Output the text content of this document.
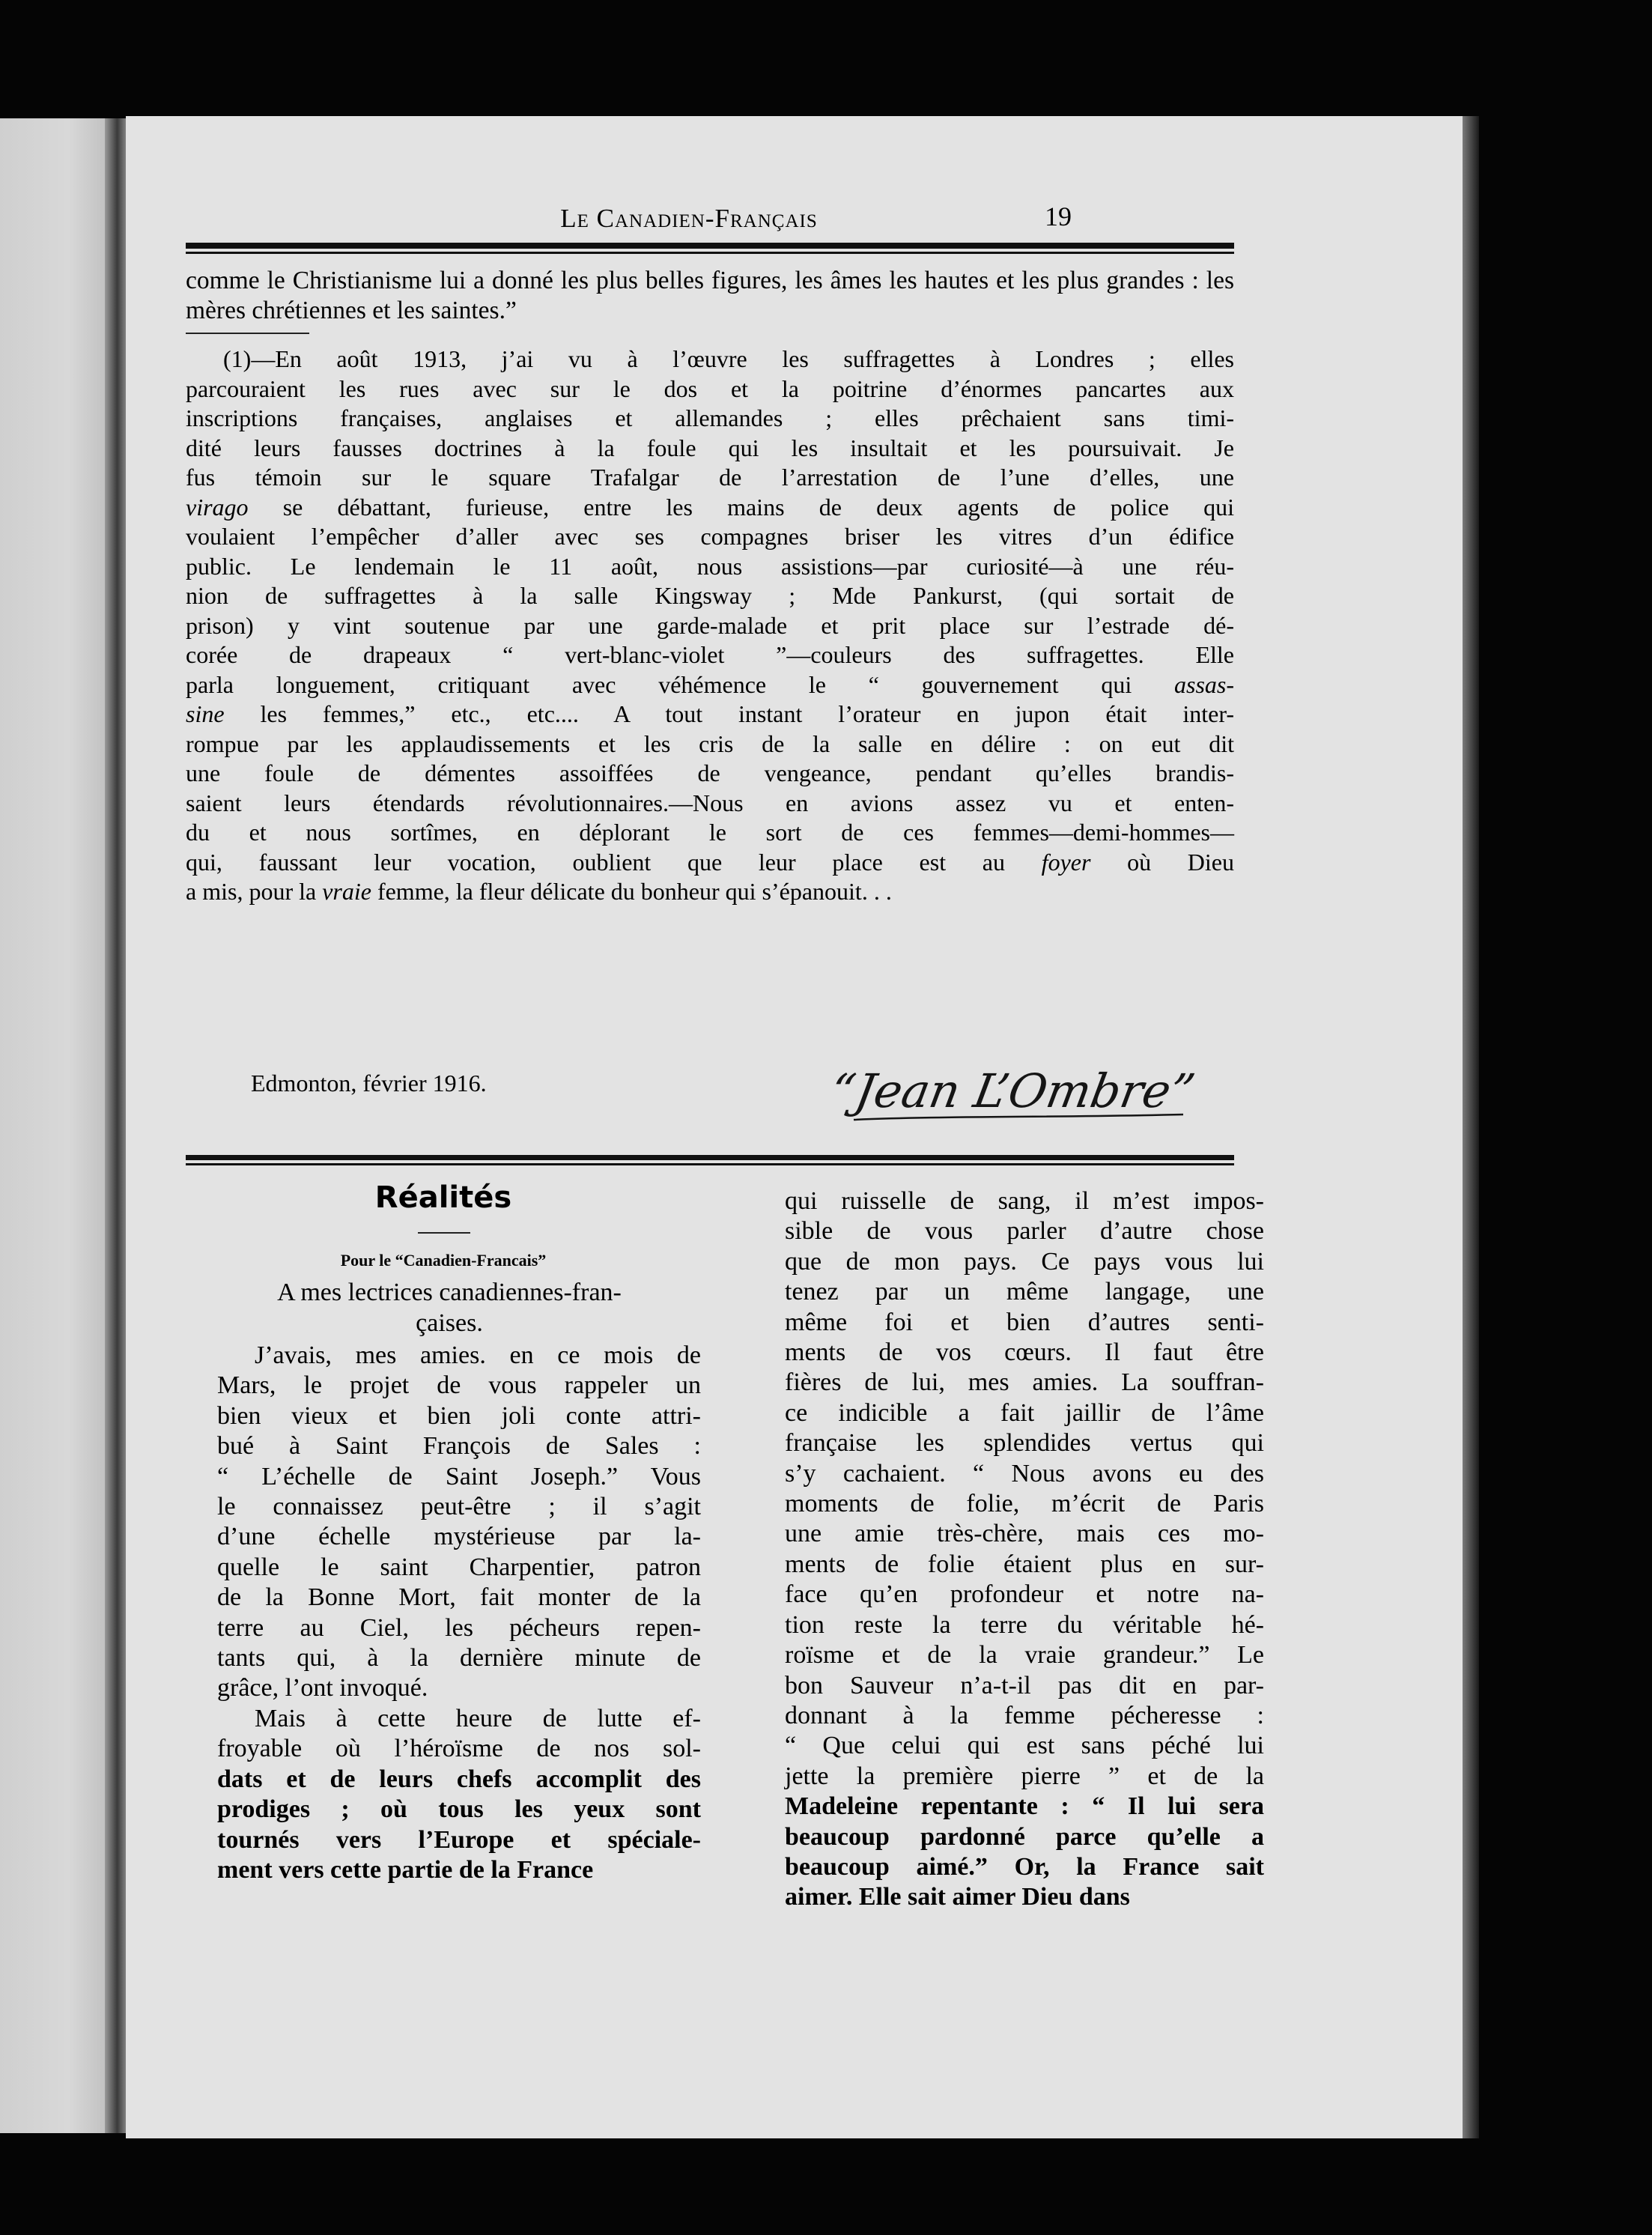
Le Canadien-Français	19

comme le Christianisme lui a donné les plus belles figures, les âmes les hautes et les plus grandes : les mères chrétiennes et les saintes.”

(1)—En août 1913, j’ai vu à l’œuvre les suffragettes à Londres ; elles
parcouraient les rues avec sur le dos et la poitrine d’énormes pancartes aux
inscriptions françaises, anglaises et allemandes ; elles prêchaient sans timi-
dité leurs fausses doctrines à la foule qui les insultait et les poursuivait. Je
fus témoin sur le square Trafalgar de l’arrestation de l’une d’elles, une
virago se débattant, furieuse, entre les mains de deux agents de police qui
voulaient l’empêcher d’aller avec ses compagnes briser les vitres d’un édifice
public. Le lendemain le 11 août, nous assistions—par curiosité—à une réu-
nion de suffragettes à la salle Kingsway ; Mde Pankurst, (qui sortait de
prison) y vint soutenue par une garde-malade et prit place sur l’estrade dé-
corée de drapeaux “ vert-blanc-violet ”—couleurs des suffragettes. Elle
parla longuement, critiquant avec véhémence le “ gouvernement qui assas-
sine les femmes,” etc., etc.... A tout instant l’orateur en jupon était inter-
rompue par les applaudissements et les cris de la salle en délire : on eut dit
une foule de démentes assoiffées de vengeance, pendant qu’elles brandis-
saient leurs étendards révolutionnaires.—Nous en avions assez vu et enten-
du et nous sortîmes, en déplorant le sort de ces femmes—demi-hommes—
qui, faussant leur vocation, oublient que leur place est au foyer où Dieu
a mis, pour la vraie femme, la fleur délicate du bonheur qui s’épanouit. . .
Edmonton, février 1916.	“Jean L’Ombre”
Réalités
Pour le “Canadien-Francais”
A mes lectrices canadiennes-fran-
çaises.
J’avais, mes amies. en ce mois de
Mars, le projet de vous rappeler un
bien vieux et bien joli conte attri-
bué à Saint François de Sales :
“ L’échelle de Saint Joseph.” Vous
le connaissez peut-être ; il s’agit
d’une échelle mystérieuse par la-
quelle le saint Charpentier, patron
de la Bonne Mort, fait monter de la
terre au Ciel, les pécheurs repen-
tants qui, à la dernière minute de
grâce, l’ont invoqué.
Mais à cette heure de lutte ef-
froyable où l’héroïsme de nos sol-
dats et de leurs chefs accomplit des
prodiges ; où tous les yeux sont
tournés vers l’Europe et spéciale-
ment vers cette partie de la France
qui ruisselle de sang, il m’est impos-
sible de vous parler d’autre chose
que de mon pays. Ce pays vous lui
tenez par un même langage, une
même foi et bien d’autres senti-
ments de vos cœurs. Il faut être
fières de lui, mes amies. La souffran-
ce indicible a fait jaillir de l’âme
française les splendides vertus qui
s’y cachaient. “ Nous avons eu des
moments de folie, m’écrit de Paris
une amie très-chère, mais ces mo-
ments de folie étaient plus en sur-
face qu’en profondeur et notre na-
tion reste la terre du véritable hé-
roïsme et de la vraie grandeur.” Le
bon Sauveur n’a-t-il pas dit en par-
donnant à la femme pécheresse :
“ Que celui qui est sans péché lui
jette la première pierre ” et de la
Madeleine repentante : “ Il lui sera
beaucoup pardonné parce qu’elle a
beaucoup aimé.” Or, la France sait
aimer. Elle sait aimer Dieu dans
